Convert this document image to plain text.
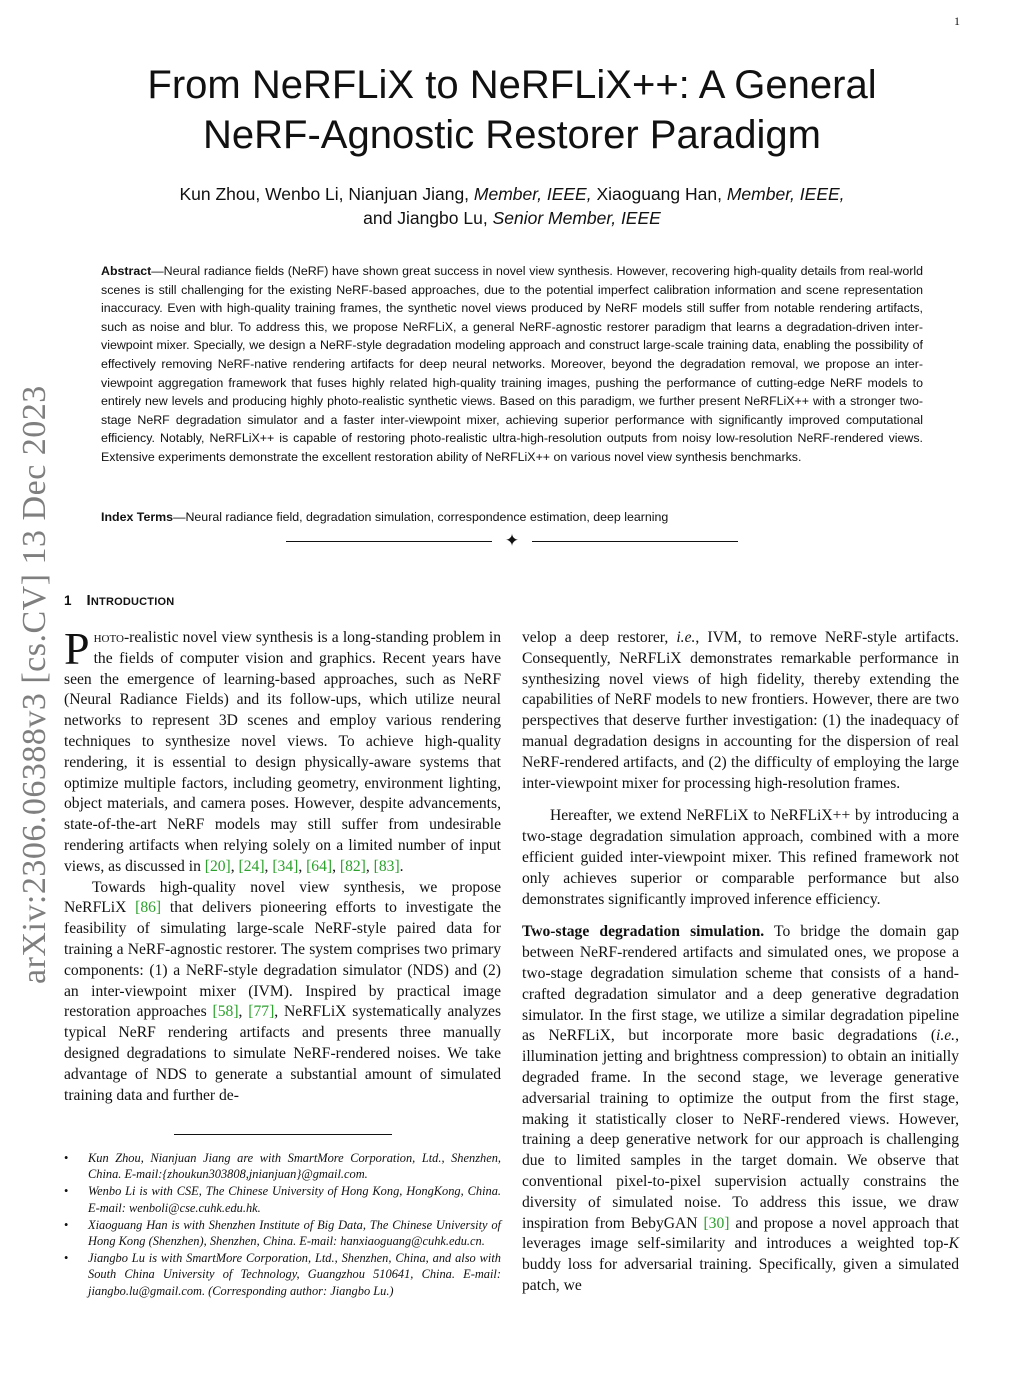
1
arXiv:2306.06388v3 [cs.CV] 13 Dec 2023
From NeRFLiX to NeRFLiX++: A General
NeRF-Agnostic Restorer Paradigm
Kun Zhou, Wenbo Li, Nianjuan Jiang, Member, IEEE, Xiaoguang Han, Member, IEEE,
and Jiangbo Lu, Senior Member, IEEE
Abstract—Neural radiance fields (NeRF) have shown great success in novel view synthesis. However, recovering high-quality details from real-world scenes is still challenging for the existing NeRF-based approaches, due to the potential imperfect calibration information and scene representation inaccuracy. Even with high-quality training frames, the synthetic novel views produced by NeRF models still suffer from notable rendering artifacts, such as noise and blur. To address this, we propose NeRFLiX, a general NeRF-agnostic restorer paradigm that learns a degradation-driven inter-viewpoint mixer. Specially, we design a NeRF-style degradation modeling approach and construct large-scale training data, enabling the possibility of effectively removing NeRF-native rendering artifacts for deep neural networks. Moreover, beyond the degradation removal, we propose an inter-viewpoint aggregation framework that fuses highly related high-quality training images, pushing the performance of cutting-edge NeRF models to entirely new levels and producing highly photo-realistic synthetic views. Based on this paradigm, we further present NeRFLiX++ with a stronger two-stage NeRF degradation simulator and a faster inter-viewpoint mixer, achieving superior performance with significantly improved computational efficiency. Notably, NeRFLiX++ is capable of restoring photo-realistic ultra-high-resolution outputs from noisy low-resolution NeRF-rendered views. Extensive experiments demonstrate the excellent restoration ability of NeRFLiX++ on various novel view synthesis benchmarks.
Index Terms—Neural radiance field, degradation simulation, correspondence estimation, deep learning
✦
1 Introduction

Photo-realistic novel view synthesis is a long-standing problem in the fields of computer vision and graphics. Recent years have seen the emergence of learning-based approaches, such as NeRF (Neural Radiance Fields) and its follow-ups, which utilize neural networks to represent 3D scenes and employ various rendering techniques to synthesize novel views. To achieve high-quality rendering, it is essential to design physically-aware systems that optimize multiple factors, including geometry, environment lighting, object materials, and camera poses. However, despite advancements, state-of-the-art NeRF models may still suffer from undesirable rendering artifacts when relying solely on a limited number of input views, as discussed in [20], [24], [34], [64], [82], [83].

Towards high-quality novel view synthesis, we propose NeRFLiX [86] that delivers pioneering efforts to investigate the feasibility of simulating large-scale NeRF-style paired data for training a NeRF-agnostic restorer. The system comprises two primary components: (1) a NeRF-style degradation simulator (NDS) and (2) an inter-viewpoint mixer (IVM). Inspired by practical image restoration approaches [58], [77], NeRFLiX systematically analyzes typical NeRF rendering artifacts and presents three manually designed degradations to simulate NeRF-rendered noises. We take advantage of NDS to generate a substantial amount of simulated training data and further de-

• Kun Zhou, Nianjuan Jiang are with SmartMore Corporation, Ltd., Shenzhen, China. E-mail:{zhoukun303808,jnianjuan}@gmail.com.
• Wenbo Li is with CSE, The Chinese University of Hong Kong, HongKong, China. E-mail: wenboli@cse.cuhk.edu.hk.
• Xiaoguang Han is with Shenzhen Institute of Big Data, The Chinese University of Hong Kong (Shenzhen), Shenzhen, China. E-mail: hanxiaoguang@cuhk.edu.cn.
• Jiangbo Lu is with SmartMore Corporation, Ltd., Shenzhen, China, and also with South China University of Technology, Guangzhou 510641, China. E-mail: jiangbo.lu@gmail.com. (Corresponding author: Jiangbo Lu.)

velop a deep restorer, i.e., IVM, to remove NeRF-style artifacts. Consequently, NeRFLiX demonstrates remarkable performance in synthesizing novel views of high fidelity, thereby extending the capabilities of NeRF models to new frontiers. However, there are two perspectives that deserve further investigation: (1) the inadequacy of manual degradation designs in accounting for the dispersion of real NeRF-rendered artifacts, and (2) the difficulty of employing the large inter-viewpoint mixer for processing high-resolution frames.

Hereafter, we extend NeRFLiX to NeRFLiX++ by introducing a two-stage degradation simulation approach, combined with a more efficient guided inter-viewpoint mixer. This refined framework not only achieves superior or comparable performance but also demonstrates significantly improved inference efficiency.

Two-stage degradation simulation. To bridge the domain gap between NeRF-rendered artifacts and simulated ones, we propose a two-stage degradation simulation scheme that consists of a hand-crafted degradation simulator and a deep generative degradation simulator. In the first stage, we utilize a similar degradation pipeline as NeRFLiX, but incorporate more basic degradations (i.e., illumination jetting and brightness compression) to obtain an initially degraded frame. In the second stage, we leverage generative adversarial training to optimize the output from the first stage, making it statistically closer to NeRF-rendered views. However, training a deep generative network for our approach is challenging due to limited samples in the target domain. We observe that conventional pixel-to-pixel supervision actually constrains the diversity of simulated noise. To address this issue, we draw inspiration from BebyGAN [30] and propose a novel approach that leverages image self-similarity and introduces a weighted top-K buddy loss for adversarial training. Specifically, given a simulated patch, we
